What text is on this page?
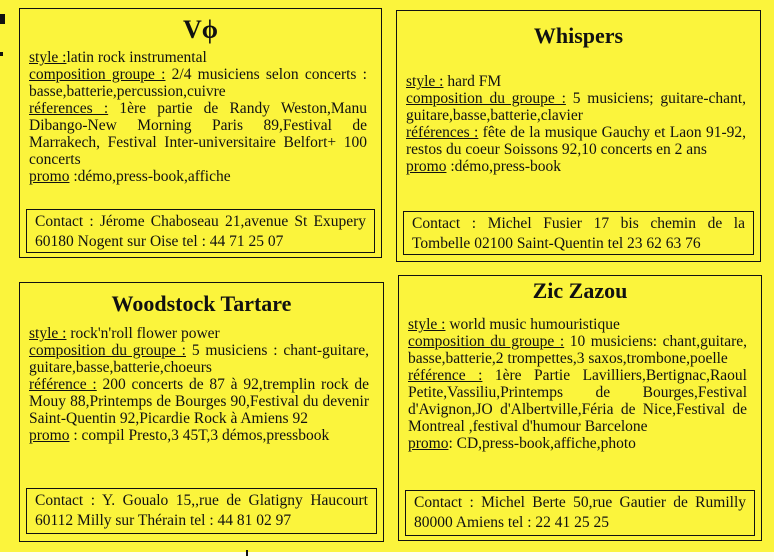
Vϕ

style :latin rock instrumental

composition groupe : 2/4 musiciens selon concerts : basse,batterie,percussion,cuivre

réferences : 1ère partie de Randy Weston,Manu Dibango-New Morning Paris 89,Festival de Marrakech, Festival Inter-universitaire Belfort+ 100 concerts

promo :démo,press-book,affiche

Contact : Jérome Chaboseau 21,avenue St Exupery 60180 Nogent sur Oise tel : 44 71 25 07
Whispers

style : hard FM

composition du groupe : 5 musiciens; guitare-chant, guitare,basse,batterie,clavier

références : fête de la musique Gauchy et Laon 91-92, restos du coeur Soissons 92,10 concerts en 2 ans

promo :démo,press-book

Contact : Michel Fusier 17 bis chemin de la Tombelle 02100 Saint-Quentin tel 23 62 63 76
Woodstock Tartare

style : rock'n'roll flower power

composition du groupe : 5 musiciens : chant-guitare, guitare,basse,batterie,choeurs

référence : 200 concerts de 87 à 92,tremplin rock de Mouy 88,Printemps de Bourges 90,Festival du devenir Saint-Quentin 92,Picardie Rock à Amiens 92

promo : compil Presto,3 45T,3 démos,pressbook

Contact : Y. Goualo 15,,rue de Glatigny Haucourt 60112 Milly sur Thérain tel : 44 81 02 97
Zic Zazou

style : world music humouristique

composition du groupe : 10 musiciens: chant,guitare, basse,batterie,2 trompettes,3 saxos,trombone,poelle

référence : 1ère Partie Lavilliers,Bertignac,Raoul Petite,Vassiliu,Printemps de Bourges,Festival d'Avignon,JO d'Albertville,Féria de Nice,Festival de Montreal ,festival d'humour Barcelone

promo: CD,press-book,affiche,photo

Contact : Michel Berte 50,rue Gautier de Rumilly 80000 Amiens tel : 22 41 25 25
